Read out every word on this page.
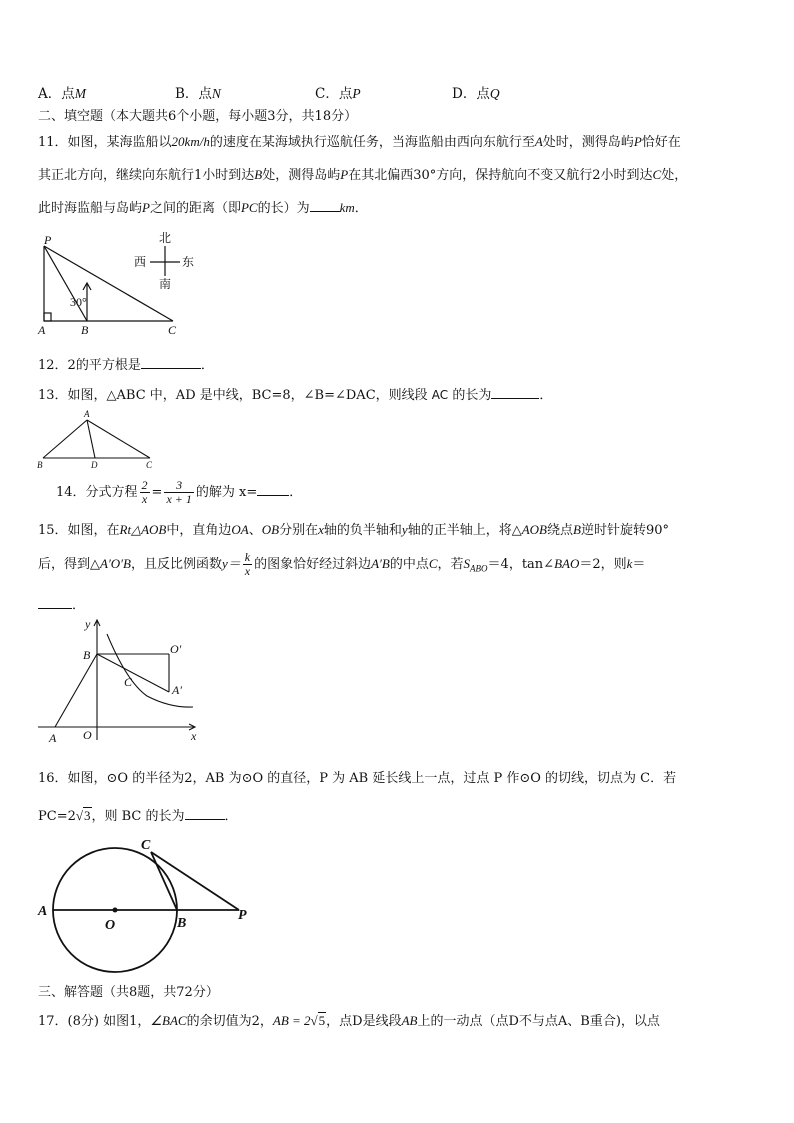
A．点M	B．点N	C．点P	D．点Q
二、填空题（本大题共6个小题，每小题3分，共18分）
11．如图，某海监船以20km/h的速度在某海域执行巡航任务，当海监船由西向东航行至A处时，测得岛屿P恰好在
其正北方向，继续向东航行1小时到达B处，测得岛屿P在其北偏西30°方向，保持航向不变又航行2小时到达C处，
此时海监船与岛屿P之间的距离（即PC的长）为 km．
P
A	B	C
30°
北
南
西	东
12．2的平方根是	．
13．如图，△ABC 中，AD 是中线，BC=8，∠B=∠DAC，则线段 AC 的长为	．
A
B	D	C
14．分式方程 $\frac{2}{x} = \frac{3}{x + 1}$ 的解为 x= ．
15．如图，在Rt△AOB中，直角边OA、OB分别在x轴的负半轴和y轴的正半轴上，将△AOB绕点B逆时针旋转90°
后，得到△A′O′B，且反比例函数$y= \frac{k}{x}$ 的图象恰好经过斜边A′B的中点C，若$S_{ABO}=4$，tan∠BAO＝2，则k＝
．
y
x
B	O′
C
A′
A O
16．如图，⊙O 的半径为2，AB 为⊙O 的直径，P 为 AB 延长线上一点，过点 P 作⊙O 的切线，切点为 C．若
PC=2√3，则 BC 的长为	．
A
O	B
P
C
三、解答题（共8题，共72分）
17．(8分) 如图1，∠BAC的余切值为2，AB = 2√5，点D是线段AB上的一动点（点D不与点A、B重合)，以点
